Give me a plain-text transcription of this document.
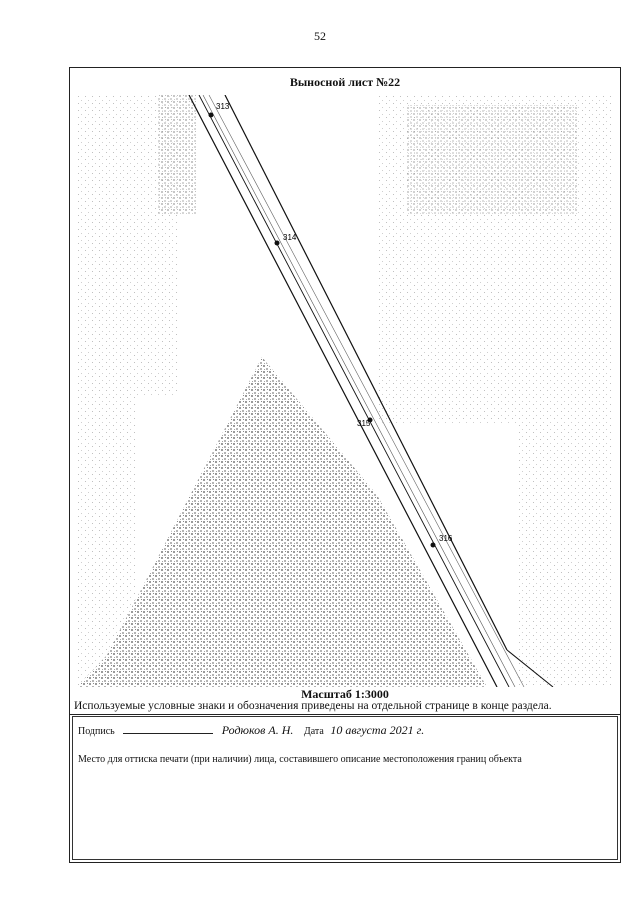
52
Выносной лист №22
313
314
315
316
Масштаб 1:3000
Используемые условные знаки и обозначения приведены на отдельной странице в конце раздела.
Подпись	Родюков А. Н. Дата 10 августа 2021 г.
Место для оттиска печати (при наличии) лица, составившего описание местоположения границ объекта
